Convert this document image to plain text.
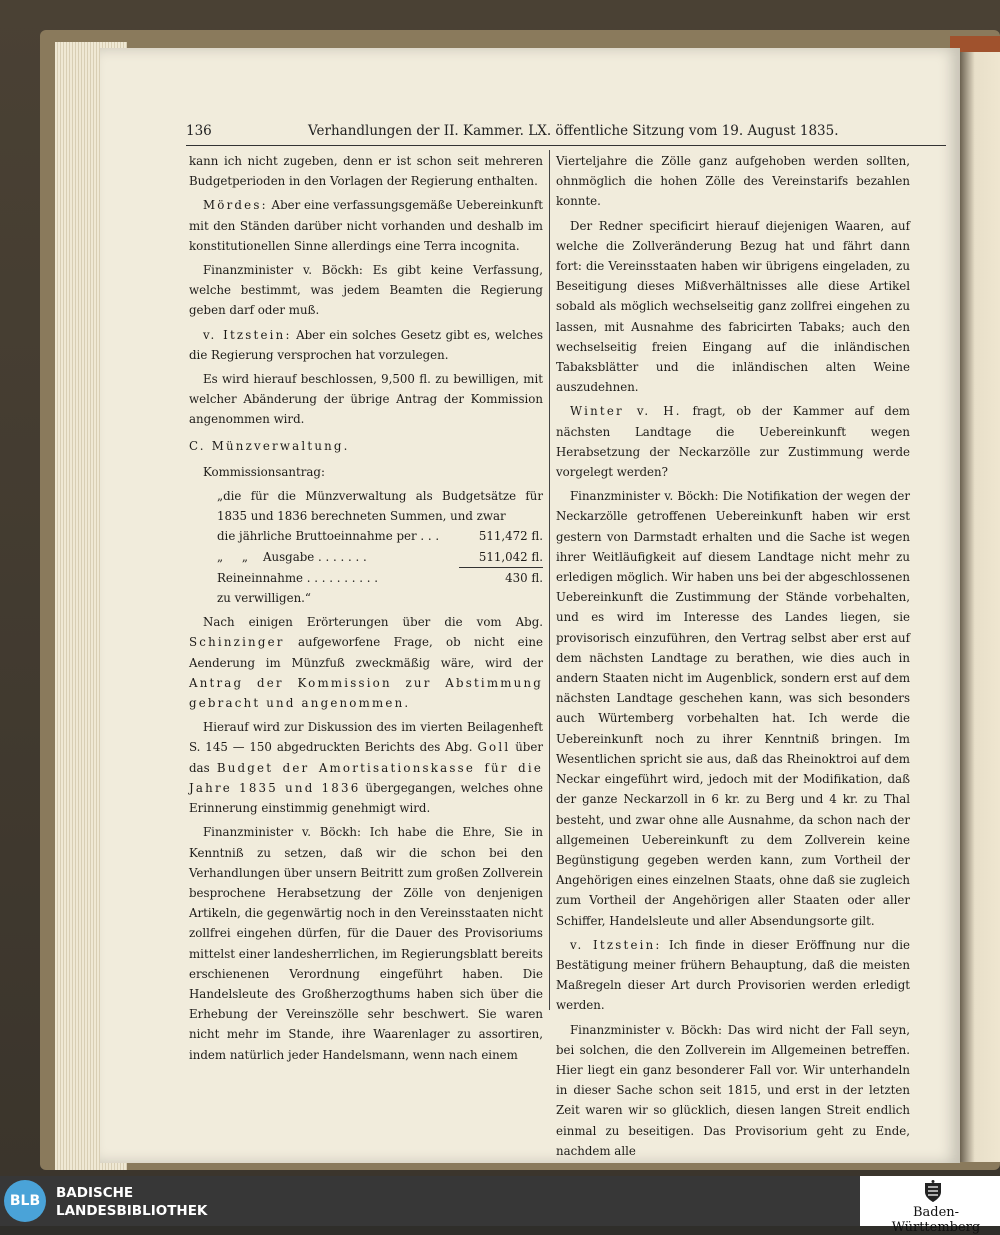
136	Verhandlungen der II. Kammer. LX. öffentliche Sitzung vom 19. August 1835.

kann ich nicht zugeben, denn er ist schon seit mehreren Budgetperioden in den Vorlagen der Regierung enthalten.

Mördes: Aber eine verfassungsgemäße Uebereinkunft mit den Ständen darüber nicht vorhanden und deshalb im konstitutionellen Sinne allerdings eine Terra incognita.

Finanzminister v. Böckh: Es gibt keine Verfassung, welche bestimmt, was jedem Beamten die Regierung geben darf oder muß.

v. Itzstein: Aber ein solches Gesetz gibt es, welches die Regierung versprochen hat vorzulegen.

Es wird hierauf beschlossen, 9,500 fl. zu bewilligen, mit welcher Abänderung der übrige Antrag der Kommission angenommen wird.

C. Münzverwaltung.

Kommissionsantrag:

„die für die Münzverwaltung als Budgetsätze für 1835 und 1836 berechneten Summen, und zwar

die jährliche Bruttoeinnahme per . . .	511,472 fl.
„     „    Ausgabe . . . . . . .	511,042 fl.
Reineinnahme . . . . . . . . . .	430 fl.

zu verwilligen.“

Nach einigen Erörterungen über die vom Abg. Schinzinger aufgeworfene Frage, ob nicht eine Aenderung im Münzfuß zweckmäßig wäre, wird der Antrag der Kommission zur Abstimmung gebracht und angenommen.

Hierauf wird zur Diskussion des im vierten Beilagenheft S. 145 — 150 abgedruckten Berichts des Abg. Goll über das Budget der Amortisationskasse für die Jahre 1835 und 1836 übergegangen, welches ohne Erinnerung einstimmig genehmigt wird.

Finanzminister v. Böckh: Ich habe die Ehre, Sie in Kenntniß zu setzen, daß wir die schon bei den Verhandlungen über unsern Beitritt zum großen Zollverein besprochene Herabsetzung der Zölle von denjenigen Artikeln, die gegenwärtig noch in den Vereinsstaaten nicht zollfrei eingehen dürfen, für die Dauer des Provisoriums mittelst einer landesherrlichen, im Regierungsblatt bereits erschienenen Verordnung eingeführt haben. Die Handelsleute des Großherzogthums haben sich über die Erhebung der Vereinszölle sehr beschwert. Sie waren nicht mehr im Stande, ihre Waarenlager zu assortiren, indem natürlich jeder Handelsmann, wenn nach einem

Vierteljahre die Zölle ganz aufgehoben werden sollten, ohnmöglich die hohen Zölle des Vereinstarifs bezahlen konnte.

Der Redner specificirt hierauf diejenigen Waaren, auf welche die Zollveränderung Bezug hat und fährt dann fort: die Vereinsstaaten haben wir übrigens eingeladen, zu Beseitigung dieses Mißverhältnisses alle diese Artikel sobald als möglich wechselseitig ganz zollfrei eingehen zu lassen, mit Ausnahme des fabricirten Tabaks; auch den wechselseitig freien Eingang auf die inländischen Tabaksblätter und die inländischen alten Weine auszudehnen.

Winter v. H. fragt, ob der Kammer auf dem nächsten Landtage die Uebereinkunft wegen Herabsetzung der Neckarzölle zur Zustimmung werde vorgelegt werden?

Finanzminister v. Böckh: Die Notifikation der wegen der Neckarzölle getroffenen Uebereinkunft haben wir erst gestern von Darmstadt erhalten und die Sache ist wegen ihrer Weitläufigkeit auf diesem Landtage nicht mehr zu erledigen möglich. Wir haben uns bei der abgeschlossenen Uebereinkunft die Zustimmung der Stände vorbehalten, und es wird im Interesse des Landes liegen, sie provisorisch einzuführen, den Vertrag selbst aber erst auf dem nächsten Landtage zu berathen, wie dies auch in andern Staaten nicht im Augenblick, sondern erst auf dem nächsten Landtage geschehen kann, was sich besonders auch Würtemberg vorbehalten hat. Ich werde die Uebereinkunft noch zu ihrer Kenntniß bringen. Im Wesentlichen spricht sie aus, daß das Rheinoktroi auf dem Neckar eingeführt wird, jedoch mit der Modifikation, daß der ganze Neckarzoll in 6 kr. zu Berg und 4 kr. zu Thal besteht, und zwar ohne alle Ausnahme, da schon nach der allgemeinen Uebereinkunft zu dem Zollverein keine Begünstigung gegeben werden kann, zum Vortheil der Angehörigen eines einzelnen Staats, ohne daß sie zugleich zum Vortheil der Angehörigen aller Staaten oder aller Schiffer, Handelsleute und aller Absendungsorte gilt.

v. Itzstein: Ich finde in dieser Eröffnung nur die Bestätigung meiner frühern Behauptung, daß die meisten Maßregeln dieser Art durch Provisorien werden erledigt werden.

Finanzminister v. Böckh: Das wird nicht der Fall seyn, bei solchen, die den Zollverein im Allgemeinen betreffen. Hier liegt ein ganz besonderer Fall vor. Wir unterhandeln in dieser Sache schon seit 1815, und erst in der letzten Zeit waren wir so glücklich, diesen langen Streit endlich einmal zu beseitigen. Das Provisorium geht zu Ende, nachdem alle

BLB	BADISCHE
LANDESBIBLIOTHEK	Baden-Württemberg
